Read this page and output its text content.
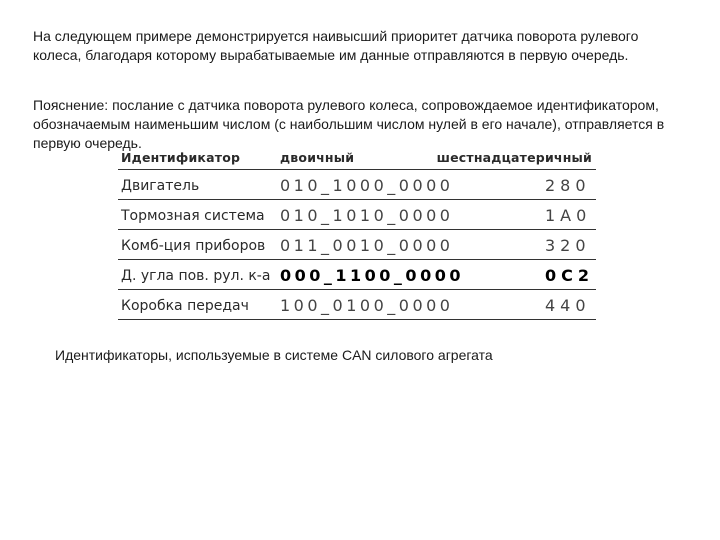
На следующем примере демонстрируется наивысший приоритет датчика поворота рулевого колеса, благодаря которому вырабатываемые им данные отправляются в первую очередь.

Пояснение: послание с датчика поворота рулевого колеса, сопровождаемое идентификатором, обозначаемым наименьшим числом (с наибольшим числом нулей в его начале), отправляется в первую очередь.

Идентификатор	двоичный	шестнадцатеричный
Двигатель	010_1000_0000	280
Тормозная система 010_1010_0000	1A0
Комб-ция приборов 011_0010_0000	320
Д. угла пов. рул. к-а 000_1100_0000	0C2
Коробка передач 100_0100_0000	440
Идентификаторы, используемые в системе CAN силового агрегата
